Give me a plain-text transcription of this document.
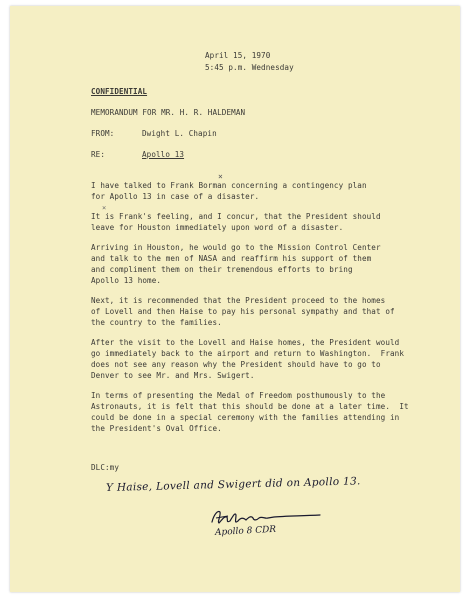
April 15, 1970
5:45 p.m. Wednesday
CONFIDENTIAL
MEMORANDUM FOR MR. H. R. HALDEMAN
FROM:	Dwight L. Chapin
RE:	Apollo 13
×
×

I have talked to Frank Borman concerning a contingency plan
for Apollo 13 in case of a disaster.

It is Frank's feeling, and I concur, that the President should
leave for Houston immediately upon word of a disaster.

Arriving in Houston, he would go to the Mission Control Center
and talk to the men of NASA and reaffirm his support of them
and compliment them on their tremendous efforts to bring
Apollo 13 home.

Next, it is recommended that the President proceed to the homes
of Lovell and then Haise to pay his personal sympathy and that of
the country to the families.

After the visit to the Lovell and Haise homes, the President would
go immediately back to the airport and return to Washington.  Frank
does not see any reason why the President should have to go to
Denver to see Mr. and Mrs. Swigert.

In terms of presenting the Medal of Freedom posthumously to the
Astronauts, it is felt that this should be done at a later time.  It
could be done in a special ceremony with the families attending in
the President's Oval Office.

DLC:my
Y Haise, Lovell and Swigert did on Apollo 13.
Apollo 8 CDR
